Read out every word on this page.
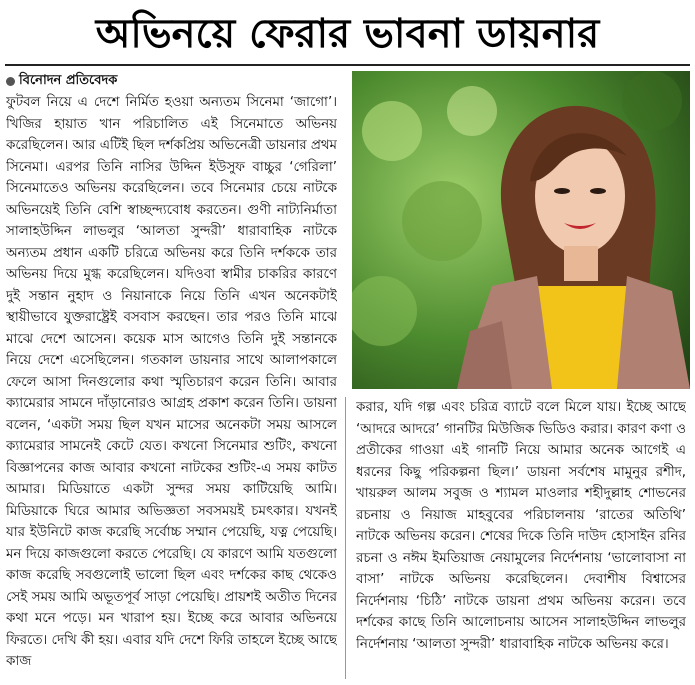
অভিনয়ে ফেরার ভাবনা ডায়নার
বিনোদন প্রতিবেদক

ফুটবল নিয়ে এ দেশে নির্মিত হওয়া অন্যতম সিনেমা ‘জাগো’। খিজির হায়াত খান পরিচালিত এই সিনেমাতে অভিনয় করেছিলেন। আর এটিই ছিল দর্শকপ্রিয় অভিনেত্রী ডায়নার প্রথম সিনেমা। এরপর তিনি নাসির উদ্দিন ইউসুফ বাচ্চুর ‘গেরিলা’ সিনেমাতেও অভিনয় করেছিলেন। তবে সিনেমার চেয়ে নাটকে অভিনয়েই তিনি বেশি স্বাচ্ছন্দ্যবোধ করতেন। গুণী নাট্যনির্মাতা সালাহউদ্দিন লাভলুর ‘আলতা সুন্দরী’ ধারাবাহিক নাটকে অন্যতম প্রধান একটি চরিত্রে অভিনয় করে তিনি দর্শককে তার অভিনয় দিয়ে মুগ্ধ করেছিলেন। যদিওবা স্বামীর চাকরির কারণে দুই সন্তান নুহাদ ও নিয়ানাকে নিয়ে তিনি এখন অনেকটাই স্থায়ীভাবে যুক্তরাষ্ট্রেই বসবাস করছেন। তার পরও তিনি মাঝে মাঝে দেশে আসেন। কয়েক মাস আগেও তিনি দুই সন্তানকে নিয়ে দেশে এসেছিলেন। গতকাল ডায়নার সাথে আলাপকালে ফেলে আসা দিনগুলোর কথা স্মৃতিচারণ করেন তিনি। আবার ক্যামেরার সামনে দাঁড়ানোরও আগ্রহ প্রকাশ করেন তিনি। ডায়না বলেন, ‘একটা সময় ছিল যখন মাসের অনেকটা সময় আসলে ক্যামেরার সামনেই কেটে যেত। কখনো সিনেমার শুটিং, কখনো বিজ্ঞাপনের কাজ আবার কখনো নাটকের শুটিং-এ সময় কাটত আমার। মিডিয়াতে একটা সুন্দর সময় কাটিয়েছি আমি। মিডিয়াকে ঘিরে আমার অভিজ্ঞতা সবসময়ই চমৎকার। যখনই যার ইউনিটে কাজ করেছি সর্বোচ্চ সম্মান পেয়েছি, যত্ন পেয়েছি। মন দিয়ে কাজগুলো করতে পেরেছি। যে কারণে আমি যতগুলো কাজ করেছি সবগুলোই ভালো ছিল এবং দর্শকের কাছ থেকেও সেই সময় আমি অভূতপূর্ব সাড়া পেয়েছি। প্রায়শই অতীত দিনের কথা মনে পড়ে। মন খারাপ হয়। ইচ্ছে করে আবার অভিনয়ে ফিরতে। দেখি কী হয়। এবার যদি দেশে ফিরি তাহলে ইচ্ছে আছে কাজ

করার, যদি গল্প এবং চরিত্র ব্যাটে বলে মিলে যায়। ইচ্ছে আছে ‘আদরে আদরে’ গানটির মিউজিক ভিডিও করার। কারণ কণা ও প্রতীকের গাওয়া এই গানটি নিয়ে আমার অনেক আগেই এ ধরনের কিছু পরিকল্পনা ছিল।’ ডায়না সর্বশেষ মামুনুর রশীদ, খায়রুল আলম সবুজ ও শ্যামল মাওলার শহীদুল্লাহ শোভনের রচনায় ও নিয়াজ মাহবুবের পরিচালনায় ‘রাতের অতিথি’ নাটকে অভিনয় করেন। শেষের দিকে তিনি দাউদ হোসাইন রনির রচনা ও নঈম ইমতিয়াজ নেয়ামুলের নির্দেশনায় ‘ভালোবাসা না বাসা’ নাটকে অভিনয় করেছিলেন। দেবাশীষ বিশ্বাসের নির্দেশনায় ‘চিঠি’ নাটকে ডায়না প্রথম অভিনয় করেন। তবে দর্শকের কাছে তিনি আলোচনায় আসেন সালাহউদ্দিন লাভলুর নির্দেশনায় ‘আলতা সুন্দরী’ ধারাবাহিক নাটকে অভিনয় করে।
